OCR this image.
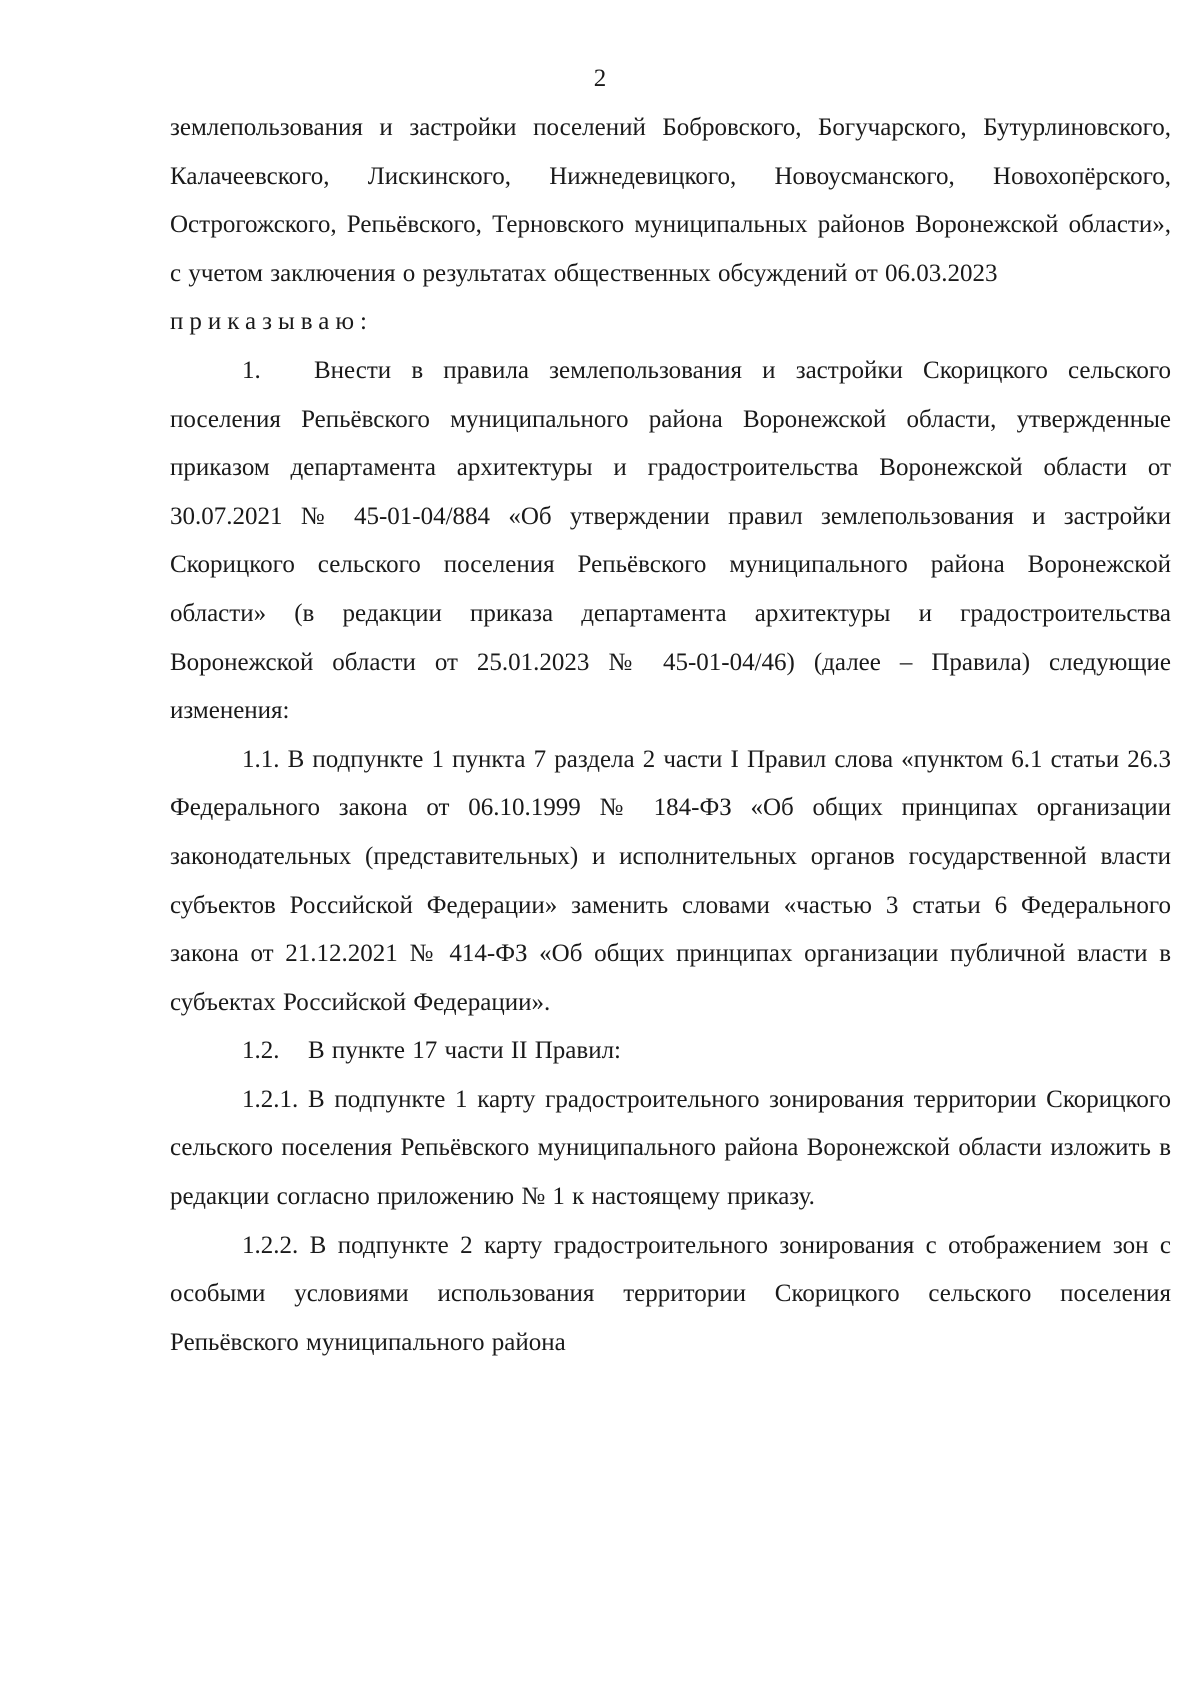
2

землепользования и застройки поселений Бобровского, Богучарского, Бутурлиновского, Калачеевского, Лискинского, Нижнедевицкого, Новоусманского, Новохопёрского, Острогожского, Репьёвского, Терновского муниципальных районов Воронежской области», с учетом заключения о результатах общественных обсуждений от 06.03.2023

приказываю:

1. Внести в правила землепользования и застройки Скорицкого сельского поселения Репьёвского муниципального района Воронежской области, утвержденные приказом департамента архитектуры и градостроительства Воронежской области от 30.07.2021 № 45-01-04/884 «Об утверждении правил землепользования и застройки Скорицкого сельского поселения Репьёвского муниципального района Воронежской области» (в редакции приказа департамента архитектуры и градостроительства Воронежской области от 25.01.2023 № 45-01-04/46) (далее – Правила) следующие изменения:

1.1. В подпункте 1 пункта 7 раздела 2 части I Правил слова «пунктом 6.1 статьи 26.3 Федерального закона от 06.10.1999 № 184-ФЗ «Об общих принципах организации законодательных (представительных) и исполнительных органов государственной власти субъектов Российской Федерации» заменить словами «частью 3 статьи 6 Федерального закона от 21.12.2021 № 414-ФЗ «Об общих принципах организации публичной власти в субъектах Российской Федерации».

1.2. В пункте 17 части II Правил:

1.2.1. В подпункте 1 карту градостроительного зонирования территории Скорицкого сельского поселения Репьёвского муниципального района Воронежской области изложить в редакции согласно приложению № 1 к настоящему приказу.

1.2.2. В подпункте 2 карту градостроительного зонирования с отображением зон с особыми условиями использования территории Скорицкого сельского поселения Репьёвского муниципального района
